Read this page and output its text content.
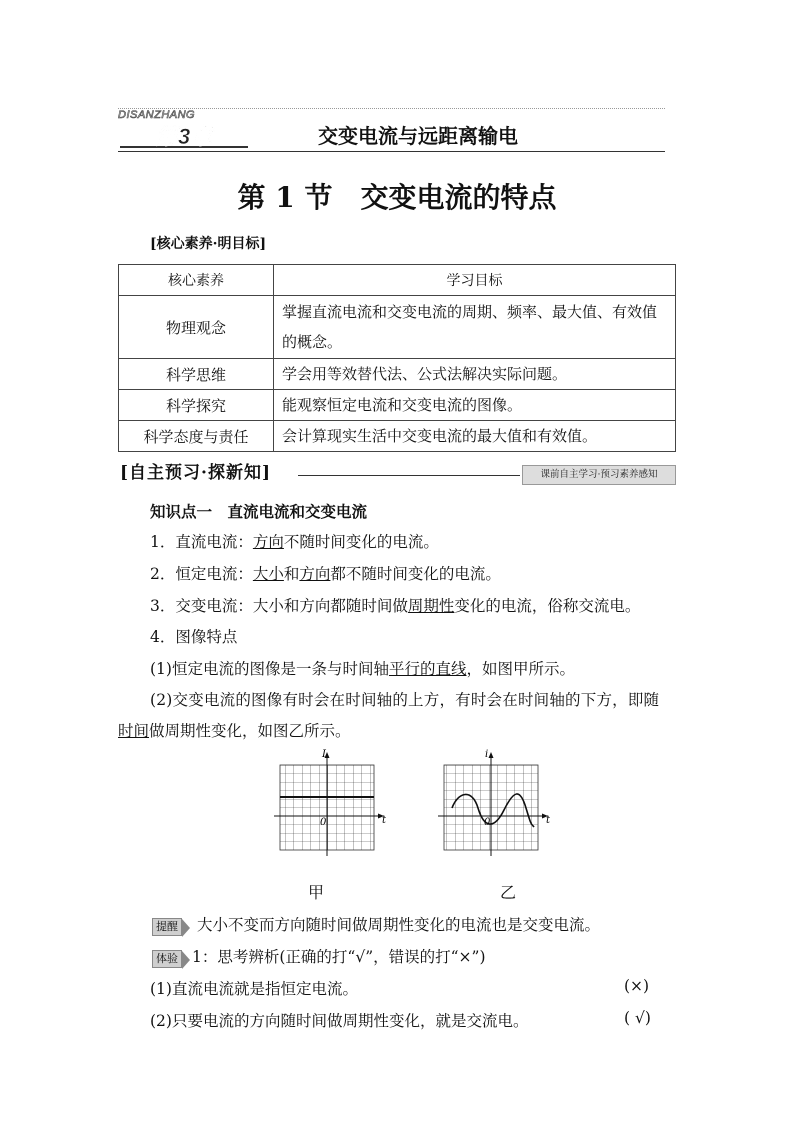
DISANZHANG
第3章	交变电流与远距离输电
第 1 节　交变电流的特点
[核心素养·明目标]
核心素养	学习目标
物理观念	掌握直流电流和交变电流的周期、频率、最大值、有效值的概念。
科学思维	学会用等效替代法、公式法解决实际问题。
科学探究	能观察恒定电流和交变电流的图像。
科学态度与责任	会计算现实生活中交变电流的最大值和有效值。
[自主预习·探新知]	课前自主学习·预习素养感知
知识点一　直流电流和交变电流
1．直流电流：方向不随时间变化的电流。
2．恒定电流：大小和方向都不随时间变化的电流。
3．交变电流：大小和方向都随时间做周期性变化的电流，俗称交流电。
4．图像特点
(1)恒定电流的图像是一条与时间轴平行的直线，如图甲所示。
(2)交变电流的图像有时会在时间轴的上方，有时会在时间轴的下方，即随
时间做周期性变化，如图乙所示。
I
t
0
i
t
0
甲	乙
提醒 大小不变而方向随时间做周期性变化的电流也是交变电流。
体验 1：思考辨析(正确的打“√”，错误的打“×”)
(1)直流电流就是指恒定电流。	(×)
(2)只要电流的方向随时间做周期性变化，就是交流电。	( √)
